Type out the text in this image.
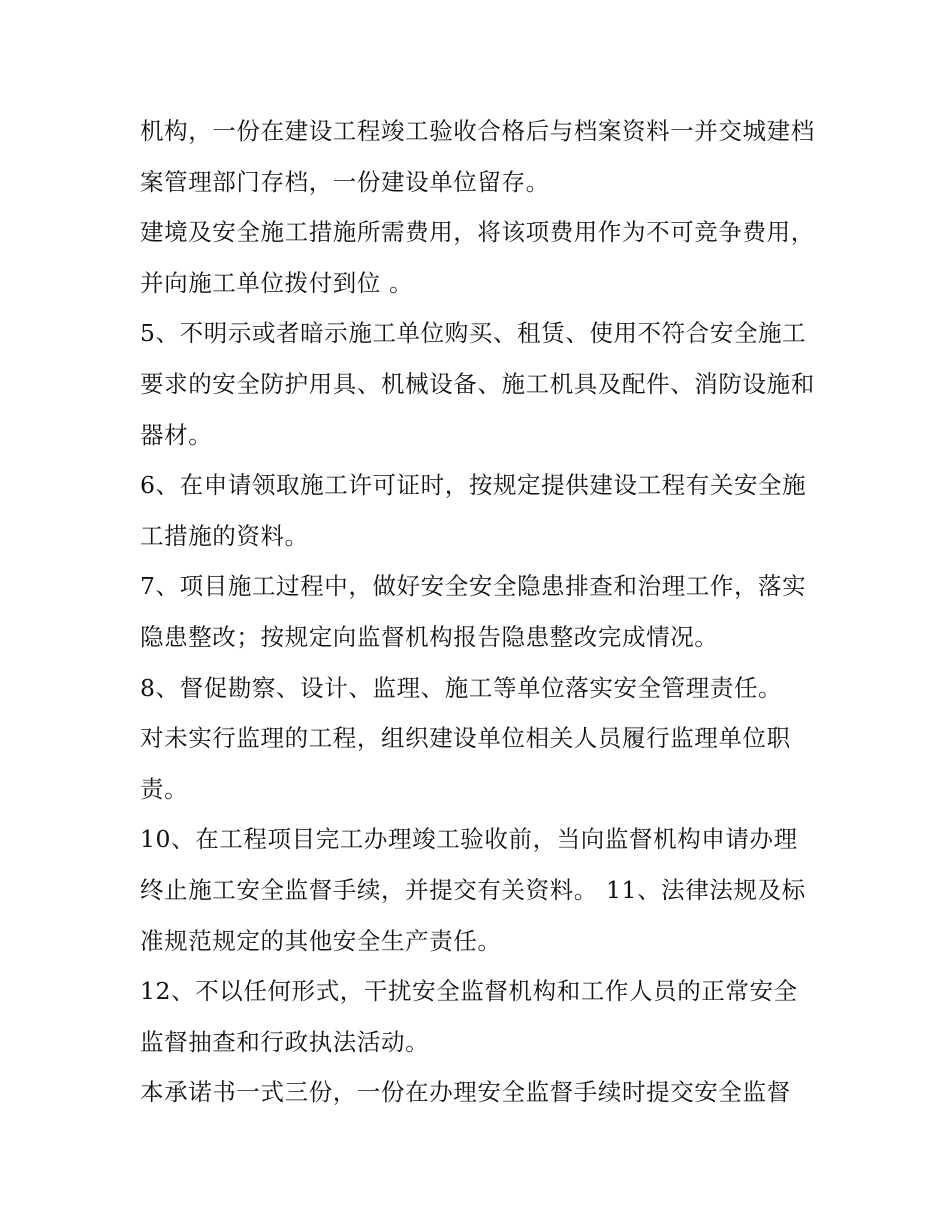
机构，一份在建设工程竣工验收合格后与档案资料一并交城建档案管理部门存档，一份建设单位留存。

建境及安全施工措施所需费用，将该项费用作为不可竞争费用，并向施工单位拨付到位 。

5、不明示或者暗示施工单位购买、租赁、使用不符合安全施工要求的安全防护用具、机械设备、施工机具及配件、消防设施和器材。

6、在申请领取施工许可证时，按规定提供建设工程有关安全施工措施的资料。

7、项目施工过程中，做好安全安全隐患排查和治理工作，落实隐患整改；按规定向监督机构报告隐患整改完成情况。

8、督促勘察、设计、监理、施工等单位落实安全管理责任。

对未实行监理的工程，组织建设单位相关人员履行监理单位职责。

10、在工程项目完工办理竣工验收前，当向监督机构申请办理终止施工安全监督手续，并提交有关资料。 11、法律法规及标准规范规定的其他安全生产责任。

12、不以任何形式，干扰安全监督机构和工作人员的正常安全监督抽查和行政执法活动。

本承诺书一式三份，一份在办理安全监督手续时提交安全监督
